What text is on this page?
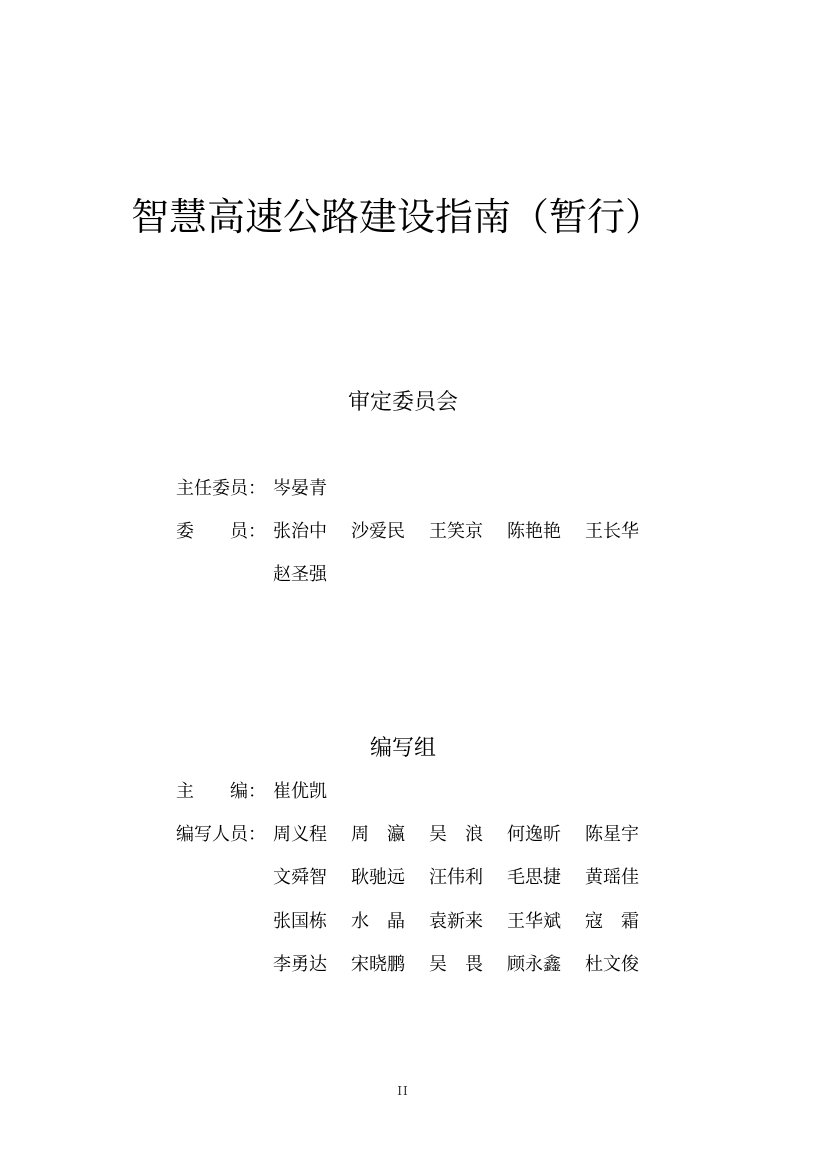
智慧高速公路建设指南（暂行）
审定委员会
主任委员： 岑晏青
委　　员： 张治中 沙爱民 王笑京 陈艳艳 王长华
赵圣强
编写组
主　　编： 崔优凯
编写人员： 周义程 周　瀛 吴　浪 何逸昕 陈星宇
文舜智 耿驰远 汪伟利 毛思捷 黄瑶佳
张国栋 水　晶 袁新来 王华斌 寇　霜
李勇达 宋晓鹏 吴　畏 顾永鑫 杜文俊
II
